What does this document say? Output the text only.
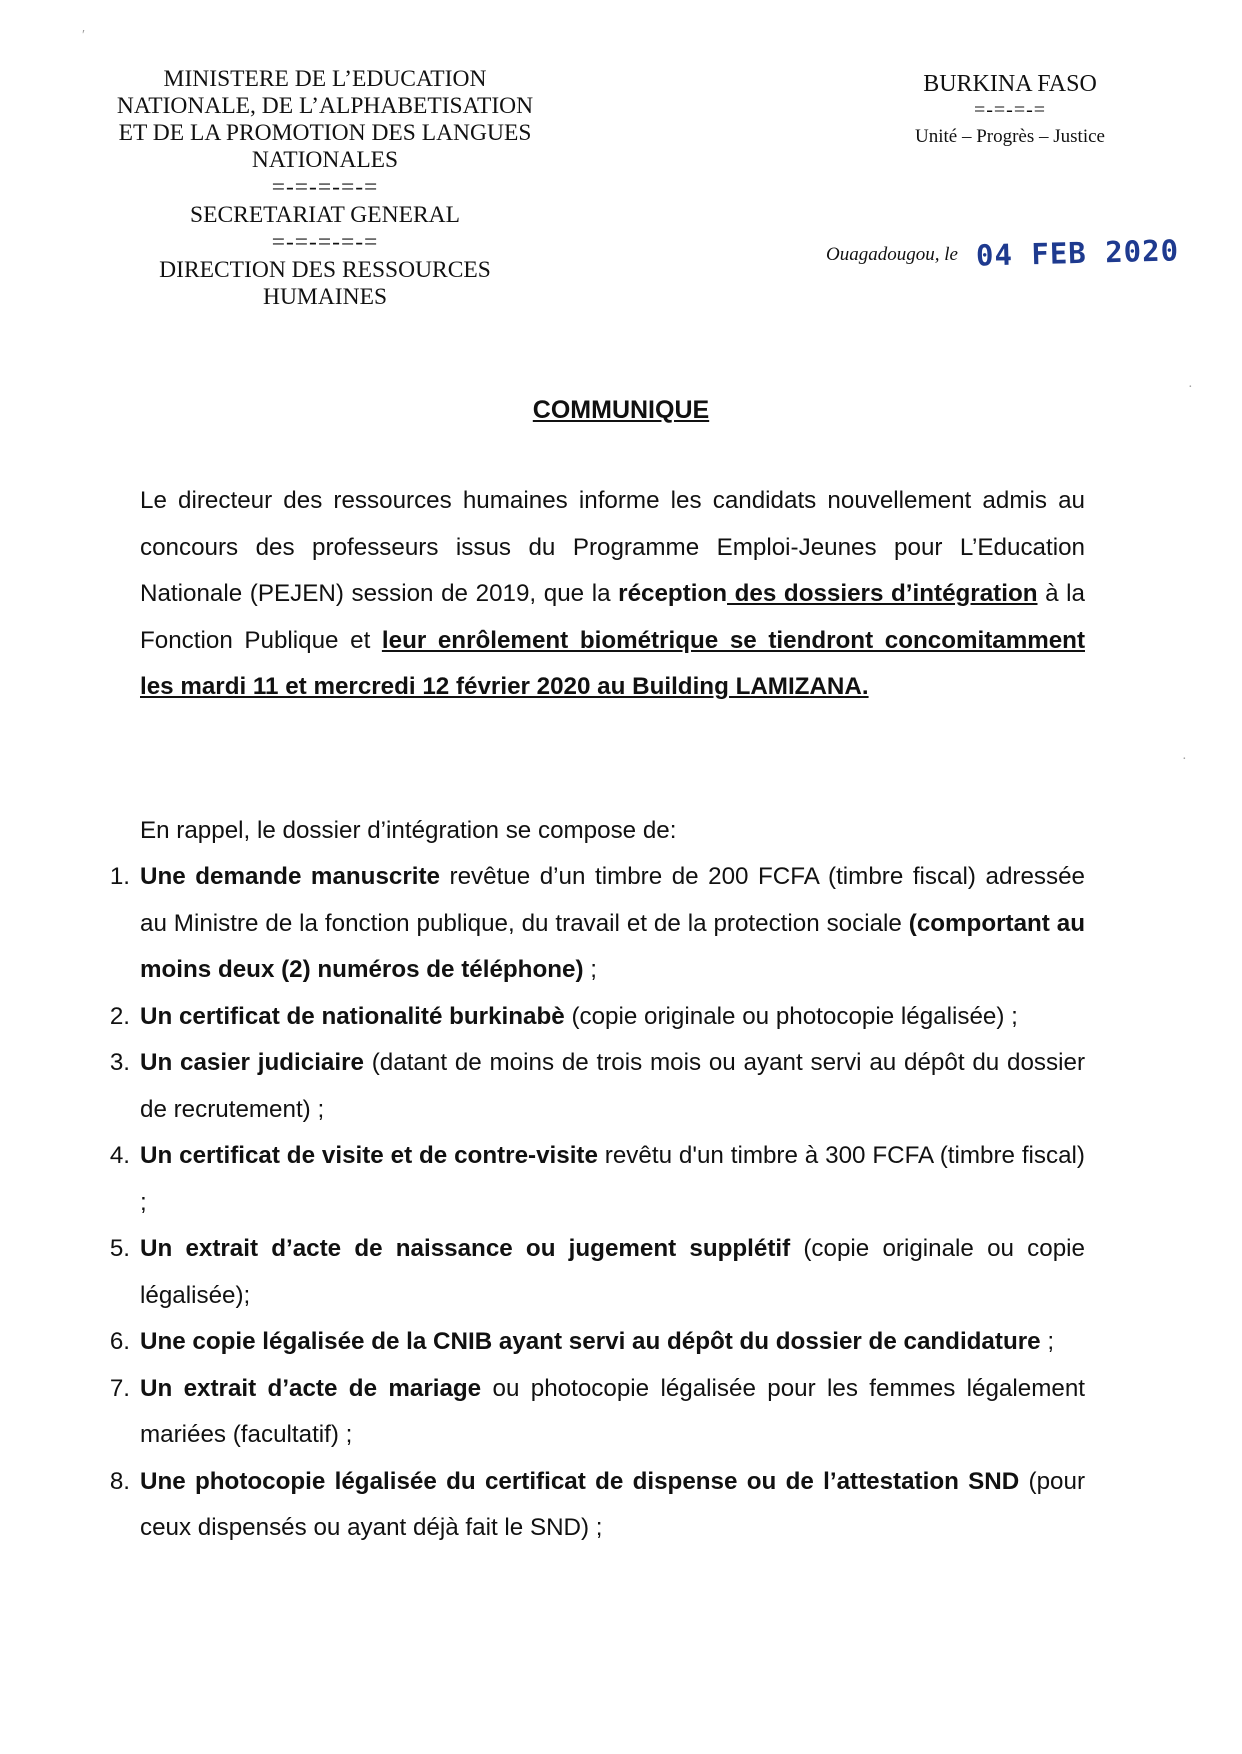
MINISTERE DE L’EDUCATION
NATIONALE, DE L’ALPHABETISATION
ET DE LA PROMOTION DES LANGUES
NATIONALES
=-=-=-=-=
SECRETARIAT GENERAL
=-=-=-=-=
DIRECTION DES RESSOURCES
HUMAINES
BURKINA FASO
=-=-=-=
Unité – Progrès – Justice
Ouagadougou, le 04 FEB 2020
COMMUNIQUE
Le directeur des ressources humaines informe les candidats nouvellement admis au concours des professeurs issus du Programme Emploi-Jeunes pour L’Education Nationale (PEJEN) session de 2019, que la réception des dossiers d’intégration à la Fonction Publique et leur enrôlement biométrique se tiendront concomitamment les mardi 11 et mercredi 12 février 2020 au Building LAMIZANA.
En rappel, le dossier d’intégration se compose de:
1. Une demande manuscrite revêtue d’un timbre de 200 FCFA (timbre fiscal) adressée au Ministre de la fonction publique, du travail et de la protection sociale (comportant au moins deux (2) numéros de téléphone) ;
2. Un certificat de nationalité burkinabè (copie originale ou photocopie légalisée) ;
3. Un casier judiciaire (datant de moins de trois mois ou ayant servi au dépôt du dossier de recrutement) ;
4. Un certificat de visite et de contre-visite revêtu d'un timbre à 300 FCFA (timbre fiscal) ;
5. Un extrait d’acte de naissance ou jugement supplétif (copie originale ou copie légalisée);
6. Une copie légalisée de la CNIB ayant servi au dépôt du dossier de candidature ;
7. Un extrait d’acte de mariage ou photocopie légalisée pour les femmes légalement mariées (facultatif) ;
8. Une photocopie légalisée du certificat de dispense ou de l’attestation SND (pour ceux dispensés ou ayant déjà fait le SND) ;
′
·
·
